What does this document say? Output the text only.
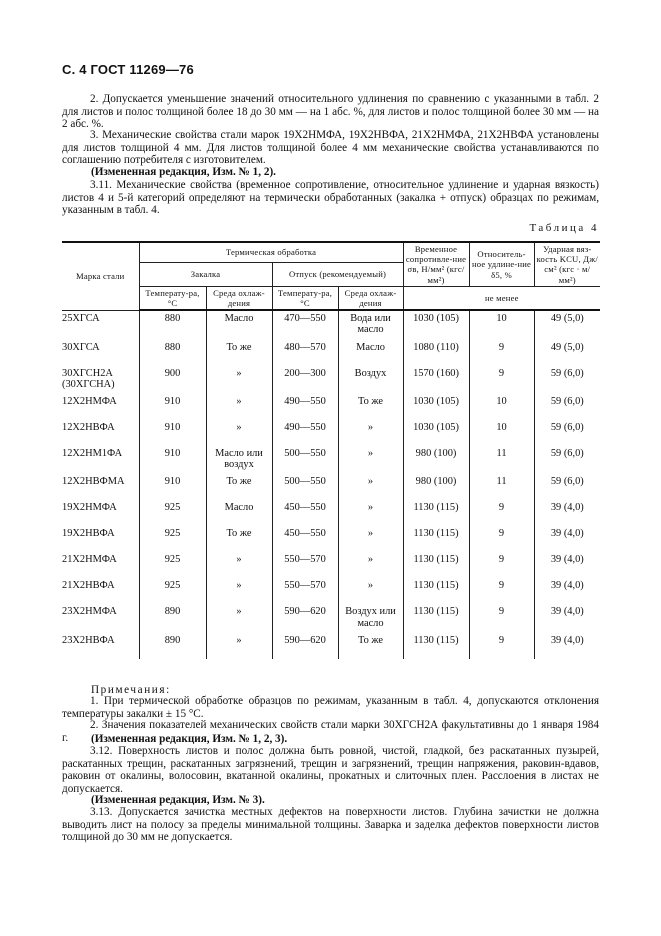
С. 4 ГОСТ 11269—76
2. Допускается уменьшение значений относительного удлинения по сравнению с указанными в табл. 2 для листов и полос толщиной более 18 до 30 мм — на 1 абс. %, для листов и полос толщиной более 30 мм — на 2 абс. %.
3. Механические свойства стали марок 19Х2НМФА, 19Х2НВФА, 21Х2НМФА, 21Х2НВФА установлены для листов толщиной 4 мм. Для листов толщиной более 4 мм механические свойства устанавливаются по соглашению потребителя с изготовителем.
(Измененная редакция, Изм. № 1, 2).
3.11. Механические свойства (временное сопротивление, относительное удлинение и ударная вязкость) листов 4 и 5-й категорий определяют на термически обработанных (закалка + отпуск) образцах по режимам, указанным в табл. 4.
Таблица 4
Марка стали	Термическая обработка				Временное сопротивле-ние σв, Н/мм² (кгс/мм²)	Относитель-ное удлине-ние δ5, %	Ударная вяз-кость KCU, Дж/см² (кгс · м/мм²)
	Закалка		Отпуск (рекомендуемый)				
	Температу-ра, °С	Среда охлаж-дения	Температу-ра, °С	Среда охлаж-дения	не менее		
25ХГСА	880	Масло	470—550	Вода или масло	1030 (105)	10	49 (5,0)
30ХГСА	880	То же	480—570	Масло	1080 (110)	9	49 (5,0)
30ХГСН2А (30ХГСНА)	900	»	200—300	Воздух	1570 (160)	9	59 (6,0)
12Х2НМФА	910	»	490—550	То же	1030 (105)	10	59 (6,0)
12Х2НВФА	910	»	490—550	»	1030 (105)	10	59 (6,0)
12Х2НМ1ФА	910	Масло или воздух	500—550	»	980 (100)	11	59 (6,0)
12Х2НВФМА	910	То же	500—550	»	980 (100)	11	59 (6,0)
19Х2НМФА	925	Масло	450—550	»	1130 (115)	9	39 (4,0)
19Х2НВФА	925	То же	450—550	»	1130 (115)	9	39 (4,0)
21Х2НМФА	925	»	550—570	»	1130 (115)	9	39 (4,0)
21Х2НВФА	925	»	550—570	»	1130 (115)	9	39 (4,0)
23Х2НМФА	890	»	590—620	Воздух или масло	1130 (115)	9	39 (4,0)
23Х2НВФА	890	»	590—620	То же	1130 (115)	9	39 (4,0)
Примечания:
1. При термической обработке образцов по режимам, указанным в табл. 4, допускаются отклонения температуры закалки ± 15 °С.
2. Значения показателей механических свойств стали марки 30ХГСН2А факультативны до 1 января 1984 г.	(Измененная редакция, Изм. № 1, 2, 3).
3.12. Поверхность листов и полос должна быть ровной, чистой, гладкой, без раскатанных пузырей, раскатанных трещин, раскатанных загрязнений, трещин и загрязнений, трещин напряжения, раковин-вдавов, раковин от окалины, волосовин, вкатанной окалины, прокатных и слиточных плен. Расслоения в листах не допускается.
(Измененная редакция, Изм. № 3).
3.13. Допускается зачистка местных дефектов на поверхности листов. Глубина зачистки не должна выводить лист на полосу за пределы минимальной толщины. Заварка и заделка дефектов поверхности листов толщиной до 30 мм не допускается.
